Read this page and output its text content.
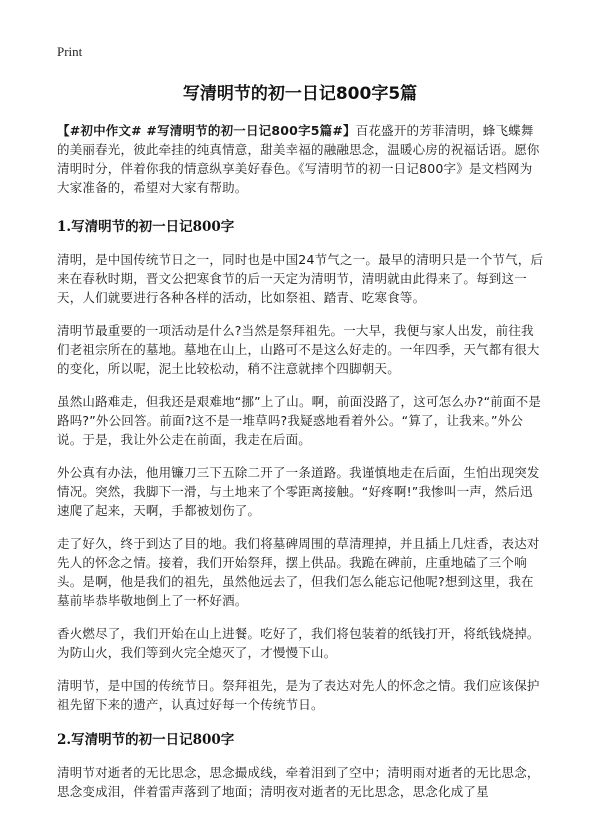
Print
写清明节的初一日记800字5篇

【#初中作文# #写清明节的初一日记800字5篇#】百花盛开的芳菲清明，蜂飞蝶舞的美丽春光，彼此牵挂的纯真情意，甜美幸福的融融思念，温暖心房的祝福话语。愿你清明时分，伴着你我的情意纵享美好春色。《写清明节的初一日记800字》是文档网为大家准备的，希望对大家有帮助。

1.写清明节的初一日记800字

清明，是中国传统节日之一，同时也是中国24节气之一。最早的清明只是一个节气，后来在春秋时期，晋文公把寒食节的后一天定为清明节，清明就由此得来了。每到这一天，人们就要进行各种各样的活动，比如祭祖、踏青、吃寒食等。

清明节最重要的一项活动是什么?当然是祭拜祖先。一大早，我便与家人出发，前往我们老祖宗所在的墓地。墓地在山上，山路可不是这么好走的。一年四季，天气都有很大的变化，所以呢，泥土比较松动，稍不注意就摔个四脚朝天。

虽然山路难走，但我还是艰难地“挪”上了山。啊，前面没路了，这可怎么办?“前面不是路吗?”外公回答。前面?这不是一堆草吗?我疑惑地看着外公。“算了，让我来。”外公说。于是，我让外公走在前面，我走在后面。

外公真有办法，他用镰刀三下五除二开了一条道路。我谨慎地走在后面，生怕出现突发情况。突然，我脚下一滑，与土地来了个零距离接触。“好疼啊!”我惨叫一声，然后迅速爬了起来，天啊，手都被划伤了。

走了好久，终于到达了目的地。我们将墓碑周围的草清理掉，并且插上几炷香，表达对先人的怀念之情。接着，我们开始祭拜，摆上供品。我跪在碑前，庄重地磕了三个响头。是啊，他是我们的祖先，虽然他远去了，但我们怎么能忘记他呢?想到这里，我在墓前毕恭毕敬地倒上了一杯好酒。

香火燃尽了，我们开始在山上进餐。吃好了，我们将包装着的纸钱打开，将纸钱烧掉。为防山火，我们等到火完全熄灭了，才慢慢下山。

清明节，是中国的传统节日。祭拜祖先，是为了表达对先人的怀念之情。我们应该保护祖先留下来的遗产，认真过好每一个传统节日。

2.写清明节的初一日记800字

清明节对逝者的无比思念，思念撮成线，牵着泪到了空中；清明雨对逝者的无比思念，思念变成泪，伴着雷声落到了地面；清明夜对逝者的无比思念，思念化成了星
